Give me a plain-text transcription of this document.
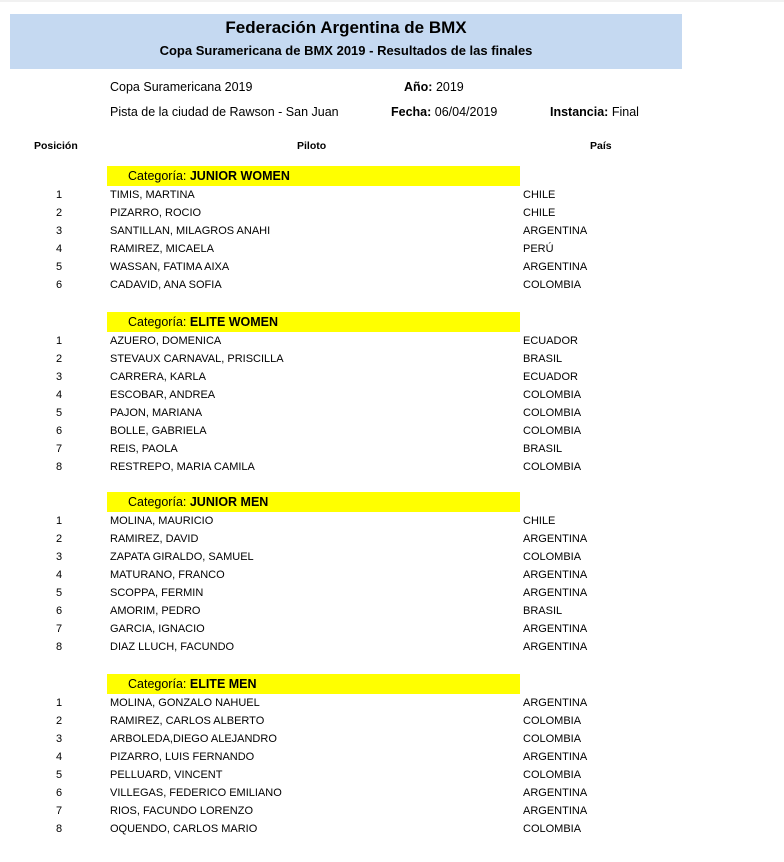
Federación Argentina de BMX
Copa Suramericana de BMX 2019 - Resultados de las finales
Copa Suramericana 2019	Año: 2019
Pista de la ciudad de Rawson - San Juan	Fecha: 06/04/2019	Instancia: Final
Posición	Piloto	País
Categoría: JUNIOR WOMEN
1	TIMIS, MARTINA	CHILE
2	PIZARRO, ROCIO	CHILE
3	SANTILLAN, MILAGROS ANAHI	ARGENTINA
4	RAMIREZ, MICAELA	PERÚ
5	WASSAN, FATIMA AIXA	ARGENTINA
6	CADAVID, ANA SOFIA	COLOMBIA
Categoría: ELITE WOMEN
1	AZUERO, DOMENICA	ECUADOR
2	STEVAUX CARNAVAL, PRISCILLA	BRASIL
3	CARRERA, KARLA	ECUADOR
4	ESCOBAR, ANDREA	COLOMBIA
5	PAJON, MARIANA	COLOMBIA
6	BOLLE, GABRIELA	COLOMBIA
7	REIS, PAOLA	BRASIL
8	RESTREPO, MARIA CAMILA	COLOMBIA
Categoría: JUNIOR MEN
1	MOLINA, MAURICIO	CHILE
2	RAMIREZ, DAVID	ARGENTINA
3	ZAPATA GIRALDO, SAMUEL	COLOMBIA
4	MATURANO, FRANCO	ARGENTINA
5	SCOPPA, FERMIN	ARGENTINA
6	AMORIM, PEDRO	BRASIL
7	GARCIA, IGNACIO	ARGENTINA
8	DIAZ LLUCH, FACUNDO	ARGENTINA
Categoría: ELITE MEN
1	MOLINA, GONZALO NAHUEL	ARGENTINA
2	RAMIREZ, CARLOS ALBERTO	COLOMBIA
3	ARBOLEDA,DIEGO ALEJANDRO	COLOMBIA
4	PIZARRO, LUIS FERNANDO	ARGENTINA
5	PELLUARD, VINCENT	COLOMBIA
6	VILLEGAS, FEDERICO EMILIANO	ARGENTINA
7	RIOS, FACUNDO LORENZO	ARGENTINA
8	OQUENDO, CARLOS MARIO	COLOMBIA
